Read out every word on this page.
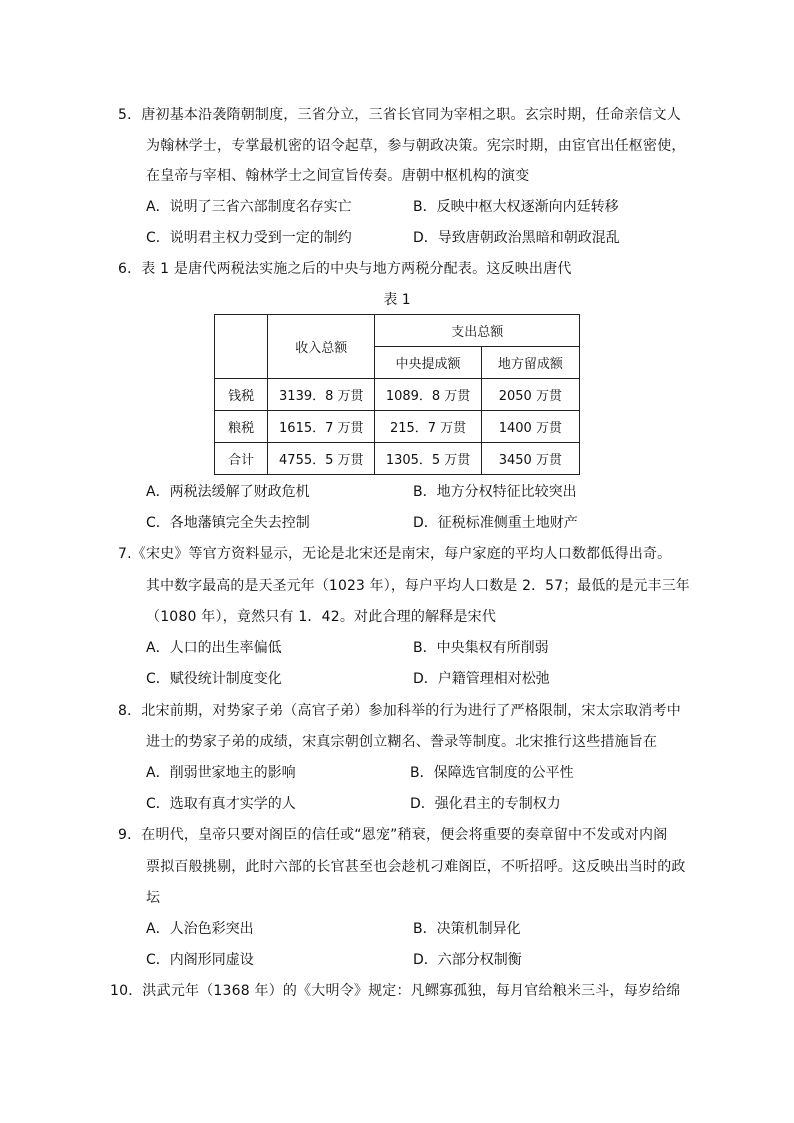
5．唐初基本沿袭隋朝制度，三省分立，三省长官同为宰相之职。玄宗时期，任命亲信文人
为翰林学士，专掌最机密的诏令起草，参与朝政决策。宪宗时期，由宦官出任枢密使，
在皇帝与宰相、翰林学士之间宣旨传奏。唐朝中枢机构的演变
A．说明了三省六部制度名存实亡	B．反映中枢大权逐渐向内廷转移
C．说明君主权力受到一定的制约	D．导致唐朝政治黑暗和朝政混乱
6．表 1 是唐代两税法实施之后的中央与地方两税分配表。这反映出唐代
表 1
	收入总额	支出总额	
		中央提成额	地方留成额
钱税	3139．8 万贯	1089．8 万贯	2050 万贯
粮税	1615．7 万贯	215．7 万贯	1400 万贯
合计	4755．5 万贯	1305．5 万贯	3450 万贯
A．两税法缓解了财政危机	B．地方分权特征比较突出
C．各地藩镇完全失去控制	D．征税标准侧重土地财产
7.《宋史》等官方资料显示，无论是北宋还是南宋，每户家庭的平均人口数都低得出奇。
其中数字最高的是天圣元年（1023 年），每户平均人口数是 2．57；最低的是元丰三年
（1080 年），竟然只有 1．42。对此合理的解释是宋代
A．人口的出生率偏低	B．中央集权有所削弱
C．赋役统计制度变化	D．户籍管理相对松弛
8．北宋前期，对势家子弟（高官子弟）参加科举的行为进行了严格限制，宋太宗取消考中
进士的势家子弟的成绩，宋真宗朝创立糊名、誊录等制度。北宋推行这些措施旨在
A．削弱世家地主的影响	B．保障选官制度的公平性
C．选取有真才实学的人	D．强化君主的专制权力
9．在明代，皇帝只要对阁臣的信任或“恩宠”稍衰，便会将重要的奏章留中不发或对内阁
票拟百般挑剔，此时六部的长官甚至也会趁机刁难阁臣，不听招呼。这反映出当时的政
坛
A．人治色彩突出	B．决策机制异化
C．内阁形同虚设	D．六部分权制衡
10．洪武元年（1368 年）的《大明令》规定：凡鳏寡孤独，每月官给粮米三斗，每岁给绵
